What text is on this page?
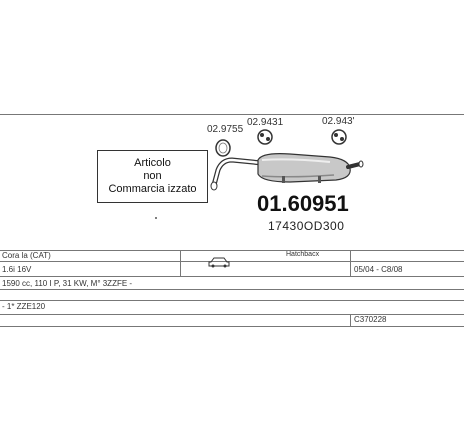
02.9755
02.9431	02.943'
Articolo
non
Commarcia izzato
01.60951
17430OD300
Cora la (CAT)	Hatchbacx
1.6i 16V	05/04 - C8/08
1590 cc, 110 I P, 31 KW, M° 3ZZFE -
- 1* ZZE120
C370228
